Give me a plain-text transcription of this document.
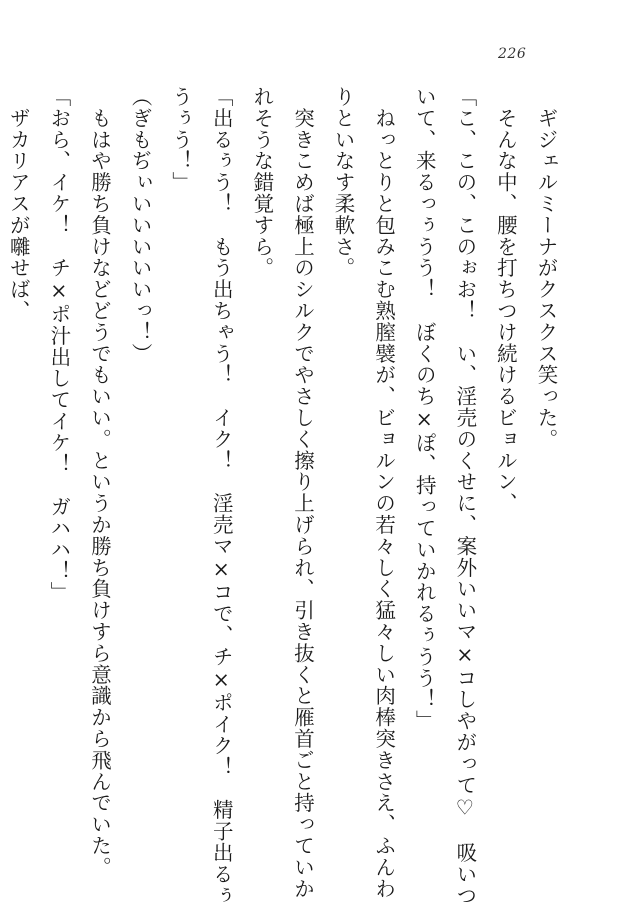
226
　ギジェルミーナがクスクス笑った。
　そんな中、腰を打ちつけ続けるビョルン、
「こ、この、このぉお！　い、淫売のくせに、案外いいマ×コしやがって♡　吸いつ
いて、来るっぅうう！　ぼくのち×ぽ、持っていかれるぅうう！」
　ねっとりと包みこむ熟膣襞が、ビョルンの若々しく猛々しい肉棒突きさえ、ふんわ
りといなす柔軟さ。
　突きこめば極上のシルクでやさしく擦り上げられ、引き抜くと雁首ごと持っていか
れそうな錯覚すら。
「出るぅう！　もう出ちゃう！　イク！　淫売マ×コで、チ×ポイク！　精子出るぅ
うぅう！」
（ぎもぢぃいいいいいっ！）
　もはや勝ち負けなどどうでもいい。というか勝ち負けすら意識から飛んでいた。
「おら、イケ！　チ×ポ汁出してイケ！　ガハハ！」
　ザカリアスが囃せば、
